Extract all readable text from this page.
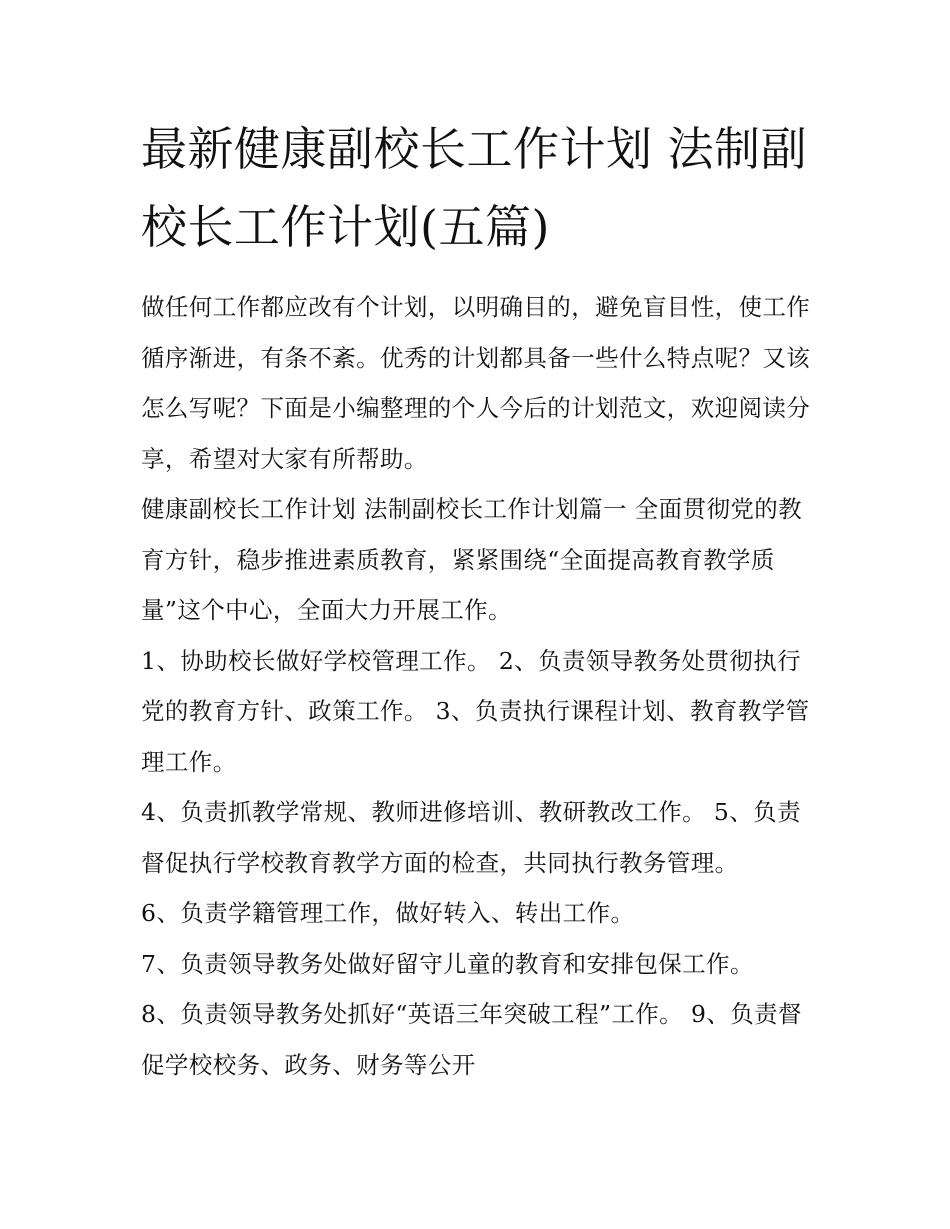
最新健康副校长工作计划 法制副校长工作计划(五篇)

做任何工作都应改有个计划，以明确目的，避免盲目性，使工作循序渐进，有条不紊。优秀的计划都具备一些什么特点呢？又该怎么写呢？下面是小编整理的个人今后的计划范文，欢迎阅读分享，希望对大家有所帮助。

健康副校长工作计划 法制副校长工作计划篇一 全面贯彻党的教育方针，稳步推进素质教育，紧紧围绕“全面提高教育教学质量”这个中心，全面大力开展工作。

1、协助校长做好学校管理工作。 2、负责领导教务处贯彻执行党的教育方针、政策工作。 3、负责执行课程计划、教育教学管理工作。

4、负责抓教学常规、教师进修培训、教研教改工作。 5、负责督促执行学校教育教学方面的检查，共同执行教务管理。

6、负责学籍管理工作，做好转入、转出工作。

7、负责领导教务处做好留守儿童的教育和安排包保工作。

8、负责领导教务处抓好“英语三年突破工程”工作。 9、负责督促学校校务、政务、财务等公开
